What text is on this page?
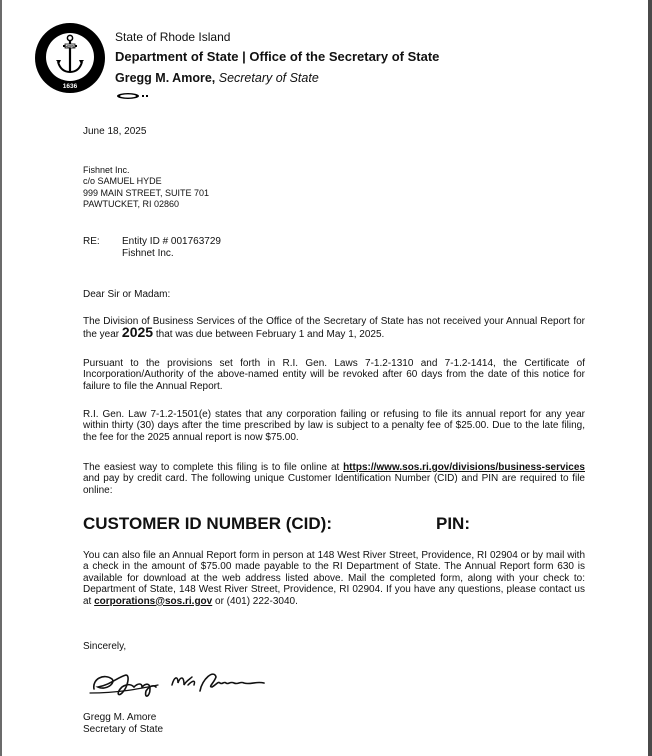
HOPE
1636
State of Rhode Island
Department of State | Office of the Secretary of State
Gregg M. Amore, Secretary of State
June 18, 2025
Fishnet Inc.
c/o SAMUEL HYDE
999 MAIN STREET, SUITE 701
PAWTUCKET, RI 02860
RE: Entity ID # 001763729
Fishnet Inc.
Dear Sir or Madam:

The Division of Business Services of the Office of the Secretary of State has not received your Annual Report for the year 2025 that was due between February 1 and May 1, 2025.

Pursuant to the provisions set forth in R.I. Gen. Laws 7-1.2-1310 and 7-1.2-1414, the Certificate of Incorporation/Authority of the above-named entity will be revoked after 60 days from the date of this notice for failure to file the Annual Report.

R.I. Gen. Law 7-1.2-1501(e) states that any corporation failing or refusing to file its annual report for any year within thirty (30) days after the time prescribed by law is subject to a penalty fee of $25.00. Due to the late filing, the fee for the 2025 annual report is now $75.00.

The easiest way to complete this filing is to file online at https://www.sos.ri.gov/divisions/business-services and pay by credit card. The following unique Customer Identification Number (CID) and PIN are required to file online:

CUSTOMER ID NUMBER (CID):	PIN:

You can also file an Annual Report form in person at 148 West River Street, Providence, RI 02904 or by mail with a check in the amount of $75.00 made payable to the RI Department of State. The Annual Report form 630 is available for download at the web address listed above. Mail the completed form, along with your check to: Department of State, 148 West River Street, Providence, RI 02904. If you have any questions, please contact us at corporations@sos.ri.gov or (401) 222-3040.

Sincerely,
Gregg M. Amore
Secretary of State
